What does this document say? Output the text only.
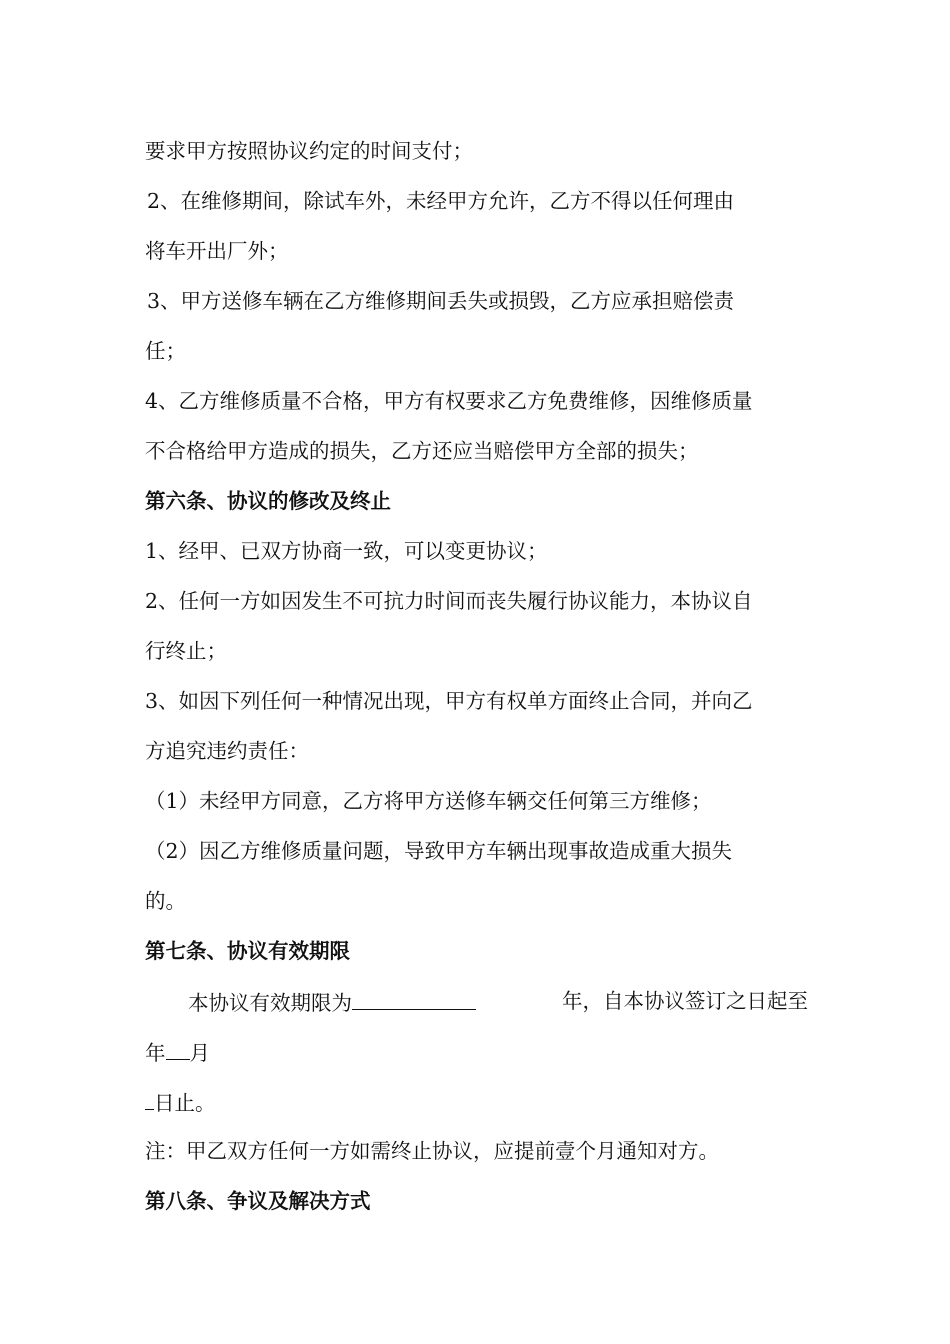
要求甲方按照协议约定的时间支付；
2、在维修期间，除试车外，未经甲方允许，乙方不得以任何理由
将车开出厂外；
3、甲方送修车辆在乙方维修期间丢失或损毁，乙方应承担赔偿责
任；
4、乙方维修质量不合格，甲方有权要求乙方免费维修，因维修质量
不合格给甲方造成的损失，乙方还应当赔偿甲方全部的损失；
第六条、协议的修改及终止
1、经甲、已双方协商一致，可以变更协议；
2、任何一方如因发生不可抗力时间而丧失履行协议能力，本协议自
行终止；
3、如因下列任何一种情况出现，甲方有权单方面终止合同，并向乙
方追究违约责任：
（1）未经甲方同意，乙方将甲方送修车辆交任何第三方维修；
（2）因乙方维修质量问题，导致甲方车辆出现事故造成重大损失
的。
第七条、协议有效期限
本协议有效期限为	年，自本协议签订之日起至
年 月
日止。
注：甲乙双方任何一方如需终止协议，应提前壹个月通知对方。
第八条、争议及解决方式
